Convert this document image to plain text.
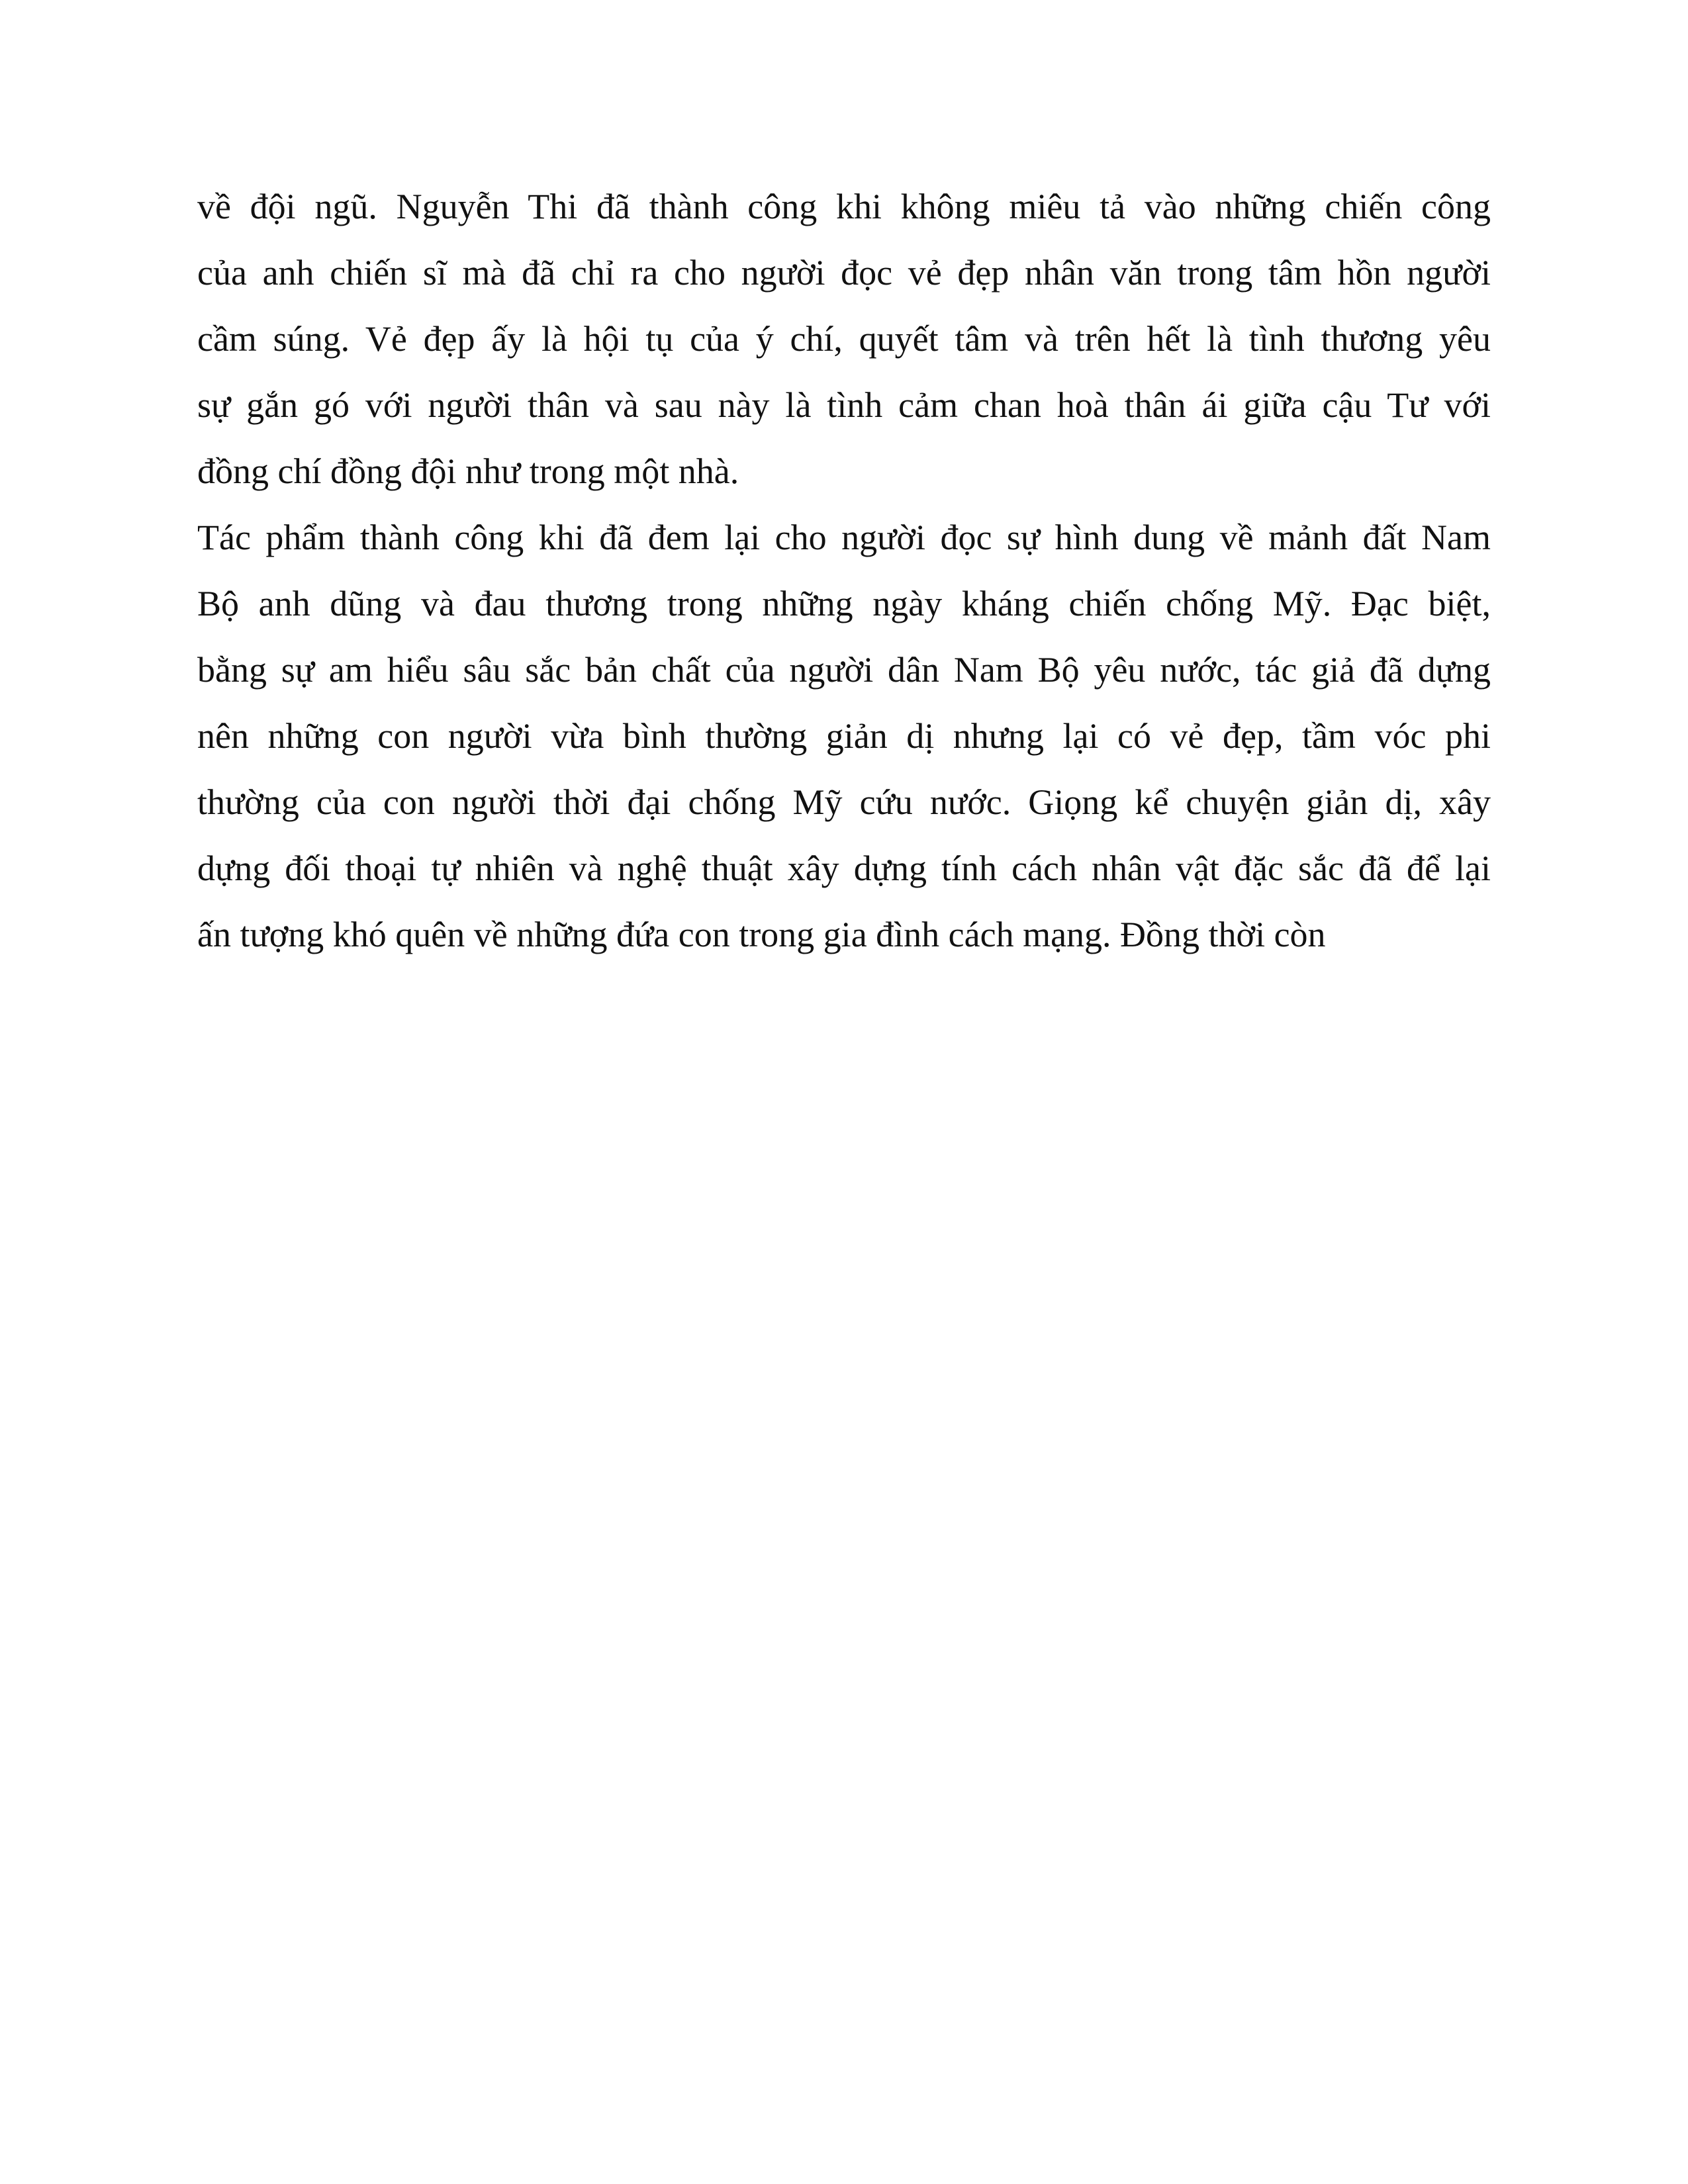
về đội ngũ. Nguyễn Thi đã thành công khi không miêu tả vào những chiến công
của anh chiến sĩ mà đã chỉ ra cho người đọc vẻ đẹp nhân văn trong tâm hồn người
cầm súng. Vẻ đẹp ấy là hội tụ của ý chí, quyết tâm và trên hết là tình thương yêu
sự gắn gó với người thân và sau này là tình cảm chan hoà thân ái giữa cậu Tư với
đồng chí đồng đội như trong một nhà.
Tác phẩm thành công khi đã đem lại cho người đọc sự hình dung về mảnh đất Nam
Bộ anh dũng và đau thương trong những ngày kháng chiến chống Mỹ. Đạc biệt,
bằng sự am hiểu sâu sắc bản chất của người dân Nam Bộ yêu nước, tác giả đã dựng
nên những con người vừa bình thường giản dị nhưng lại có vẻ đẹp, tầm vóc phi
thường của con người thời đại chống Mỹ cứu nước. Giọng kể chuyện giản dị, xây
dựng đối thoại tự nhiên và nghệ thuật xây dựng tính cách nhân vật đặc sắc đã để lại
ấn tượng khó quên về những đứa con trong gia đình cách mạng. Đồng thời còn
